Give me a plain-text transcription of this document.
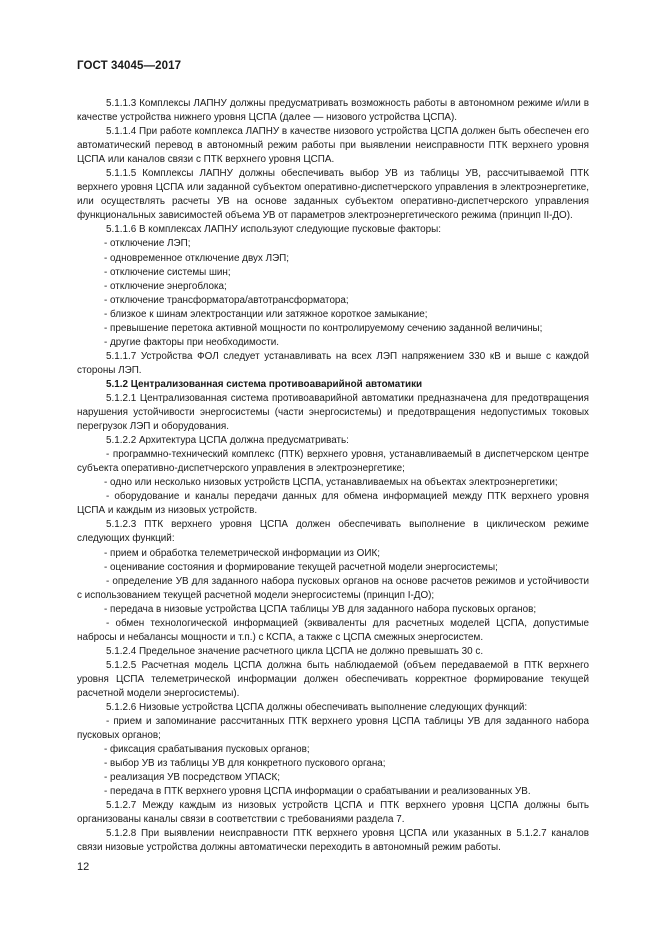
ГОСТ 34045—2017

5.1.1.3 Комплексы ЛАПНУ должны предусматривать возможность работы в автономном режиме и/или в качестве устройства нижнего уровня ЦСПА (далее — низового устройства ЦСПА).

5.1.1.4 При работе комплекса ЛАПНУ в качестве низового устройства ЦСПА должен быть обеспечен его автоматический перевод в автономный режим работы при выявлении неисправности ПТК верхнего уровня ЦСПА или каналов связи с ПТК верхнего уровня ЦСПА.

5.1.1.5 Комплексы ЛАПНУ должны обеспечивать выбор УВ из таблицы УВ, рассчитываемой ПТК верхнего уровня ЦСПА или заданной субъектом оперативно-диспетчерского управления в электроэнергетике, или осуществлять расчеты УВ на основе заданных субъектом оперативно-диспетчерского управления функциональных зависимостей объема УВ от параметров электроэнергетического режима (принцип II-ДО).

5.1.1.6 В комплексах ЛАПНУ используют следующие пусковые факторы:

- отключение ЛЭП;

- одновременное отключение двух ЛЭП;

- отключение системы шин;

- отключение энергоблока;

- отключение трансформатора/автотрансформатора;

- близкое к шинам электростанции или затяжное короткое замыкание;

- превышение перетока активной мощности по контролируемому сечению заданной величины;

- другие факторы при необходимости.

5.1.1.7 Устройства ФОЛ следует устанавливать на всех ЛЭП напряжением 330 кВ и выше с каждой стороны ЛЭП.

5.1.2 Централизованная система противоаварийной автоматики

5.1.2.1 Централизованная система противоаварийной автоматики предназначена для предотвращения нарушения устойчивости энергосистемы (части энергосистемы) и предотвращения недопустимых токовых перегрузок ЛЭП и оборудования.

5.1.2.2 Архитектура ЦСПА должна предусматривать:

- программно-технический комплекс (ПТК) верхнего уровня, устанавливаемый в диспетчерском центре субъекта оперативно-диспетчерского управления в электроэнергетике;

- одно или несколько низовых устройств ЦСПА, устанавливаемых на объектах электроэнергетики;

- оборудование и каналы передачи данных для обмена информацией между ПТК верхнего уровня ЦСПА и каждым из низовых устройств.

5.1.2.3 ПТК верхнего уровня ЦСПА должен обеспечивать выполнение в циклическом режиме следующих функций:

- прием и обработка телеметрической информации из ОИК;

- оценивание состояния и формирование текущей расчетной модели энергосистемы;

- определение УВ для заданного набора пусковых органов на основе расчетов режимов и устойчивости с использованием текущей расчетной модели энергосистемы (принцип I-ДО);

- передача в низовые устройства ЦСПА таблицы УВ для заданного набора пусковых органов;

- обмен технологической информацией (эквиваленты для расчетных моделей ЦСПА, допустимые набросы и небалансы мощности и т.п.) с КСПА, а также с ЦСПА смежных энергосистем.

5.1.2.4 Предельное значение расчетного цикла ЦСПА не должно превышать 30 с.

5.1.2.5 Расчетная модель ЦСПА должна быть наблюдаемой (объем передаваемой в ПТК верхнего уровня ЦСПА телеметрической информации должен обеспечивать корректное формирование текущей расчетной модели энергосистемы).

5.1.2.6 Низовые устройства ЦСПА должны обеспечивать выполнение следующих функций:

- прием и запоминание рассчитанных ПТК верхнего уровня ЦСПА таблицы УВ для заданного набора пусковых органов;

- фиксация срабатывания пусковых органов;

- выбор УВ из таблицы УВ для конкретного пускового органа;

- реализация УВ посредством УПАСК;

- передача в ПТК верхнего уровня ЦСПА информации о срабатывании и реализованных УВ.

5.1.2.7 Между каждым из низовых устройств ЦСПА и ПТК верхнего уровня ЦСПА должны быть организованы каналы связи в соответствии с требованиями раздела 7.

5.1.2.8 При выявлении неисправности ПТК верхнего уровня ЦСПА или указанных в 5.1.2.7 каналов связи низовые устройства должны автоматически переходить в автономный режим работы.

12
